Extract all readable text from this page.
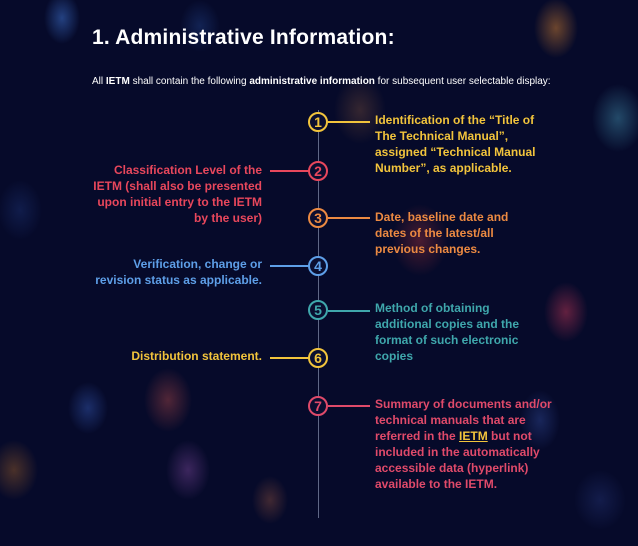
1. Administrative Information:
All IETM shall contain the following administrative information for subsequent user selectable display:
1	Identification of the “Title of The Technical Manual”, assigned “Technical Manual Number”, as applicable.
2
Classification Level of the IETM (shall also be presented upon initial entry to the IETM by the user)	3	Date, baseline date and dates of the latest/all previous changes.
4
Verification, change or revision status as applicable.
5	Method of obtaining additional copies and the format of such electronic copies
6
Distribution statement.
7	Summary of documents and/or technical manuals that are referred in the IETM but not included in the automatically accessible data (hyperlink) available to the IETM.
